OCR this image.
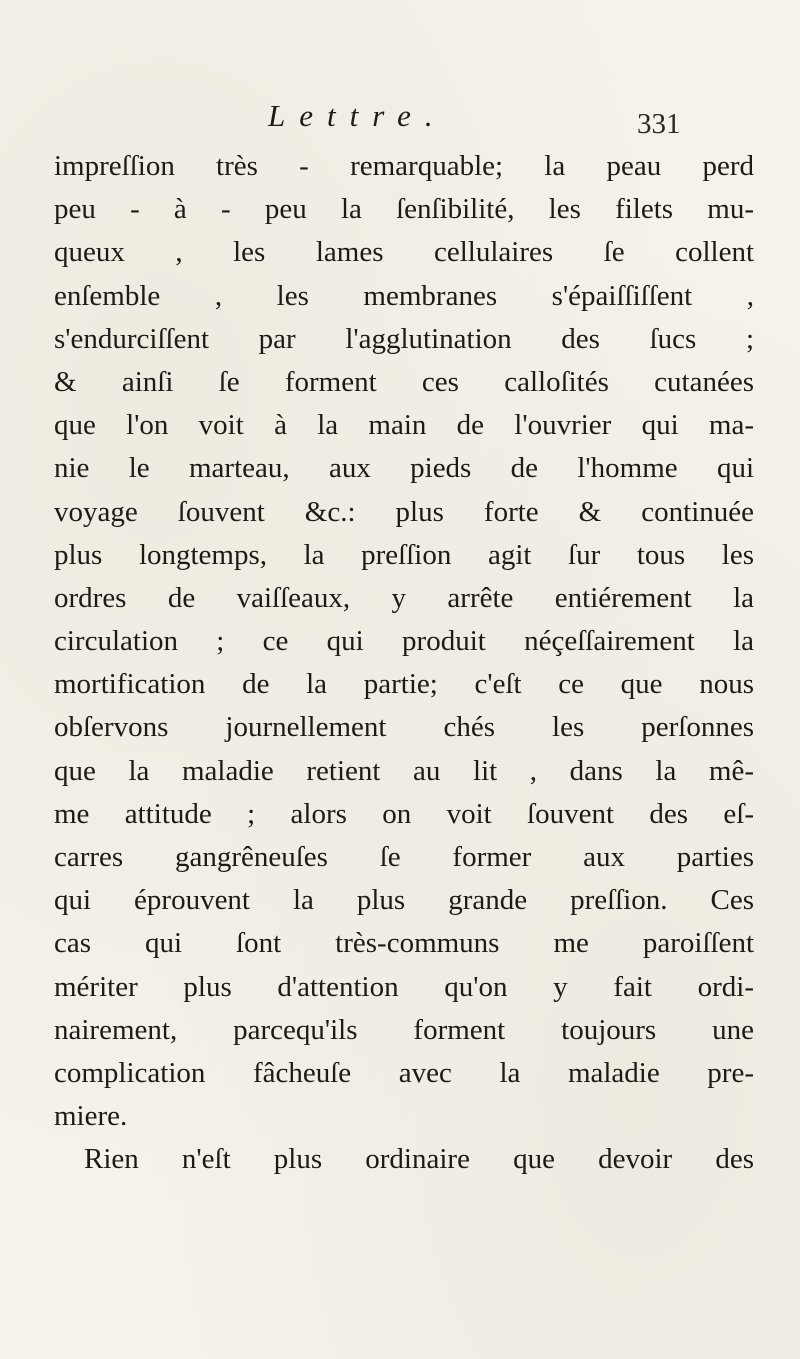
Lettre.	331
impreſſion très - remarquable; la peau perd
peu - à - peu la ſenſibilité, les filets mu-
queux , les lames cellulaires ſe collent
enſemble , les membranes s'épaiſſiſſent ,
s'endurciſſent par l'agglutination des ſucs ;
& ainſi ſe forment ces calloſités cutanées
que l'on voit à la main de l'ouvrier qui ma-
nie le marteau, aux pieds de l'homme qui
voyage ſouvent &c.: plus forte & continuée
plus longtemps, la preſſion agit ſur tous les
ordres de vaiſſeaux, y arrête entiérement la
circulation ; ce qui produit néçeſſairement la
mortification de la partie; c'eſt ce que nous
obſervons journellement chés les perſonnes
que la maladie retient au lit , dans la mê-
me attitude ; alors on voit ſouvent des eſ-
carres gangrêneuſes ſe former aux parties
qui éprouvent la plus grande preſſion. Ces
cas qui ſont très-communs me paroiſſent
mériter plus d'attention qu'on y fait ordi-
nairement, parcequ'ils forment toujours une
complication fâcheuſe avec la maladie pre-
miere.
Rien n'eſt plus ordinaire que devoir des
